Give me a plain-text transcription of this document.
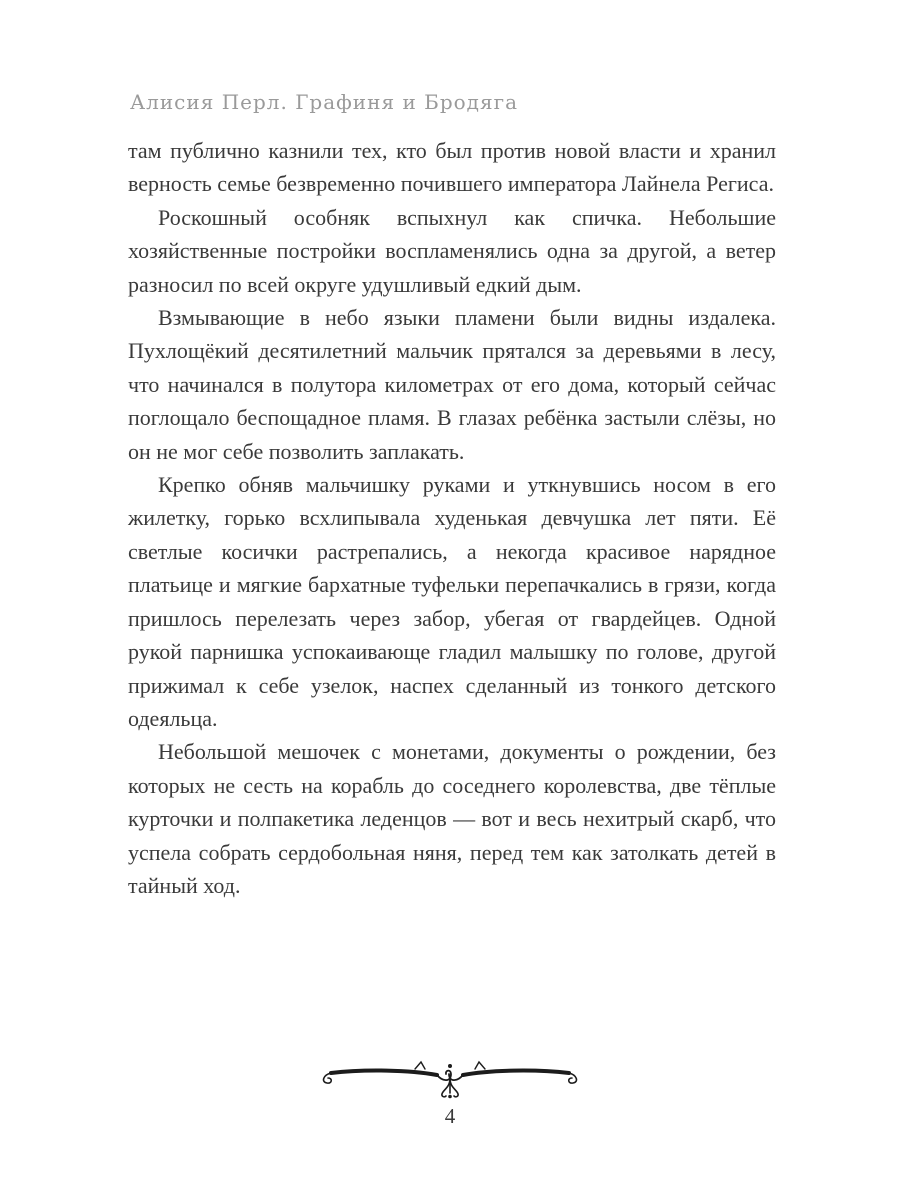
Алисия Перл. Графиня и Бродяга

там публично казнили тех, кто был против новой власти и хранил верность семье безвременно почившего императора Лайнела Региса.

Роскошный особняк вспыхнул как спичка. Небольшие хозяйственные постройки воспламенялись одна за другой, а ветер разносил по всей округе удушливый едкий дым.

Взмывающие в небо языки пламени были видны издалека. Пухлощёкий десятилетний мальчик прятался за деревьями в лесу, что начинался в полутора километрах от его дома, который сейчас поглощало беспощадное пламя. В глазах ребёнка застыли слёзы, но он не мог себе позволить заплакать.

Крепко обняв мальчишку руками и уткнувшись носом в его жилетку, горько всхлипывала худенькая девчушка лет пяти. Её светлые косички растрепались, а некогда красивое нарядное платьице и мягкие бархатные туфельки перепачкались в грязи, когда пришлось перелезать через забор, убегая от гвардейцев. Одной рукой парнишка успокаивающе гладил малышку по голове, другой прижимал к себе узелок, наспех сделанный из тонкого детского одеяльца.

Небольшой мешочек с монетами, документы о рождении, без которых не сесть на корабль до соседнего королевства, две тёплые курточки и полпакетика леденцов — вот и весь нехитрый скарб, что успела собрать сердобольная няня, перед тем как затолкать детей в тайный ход.

4
